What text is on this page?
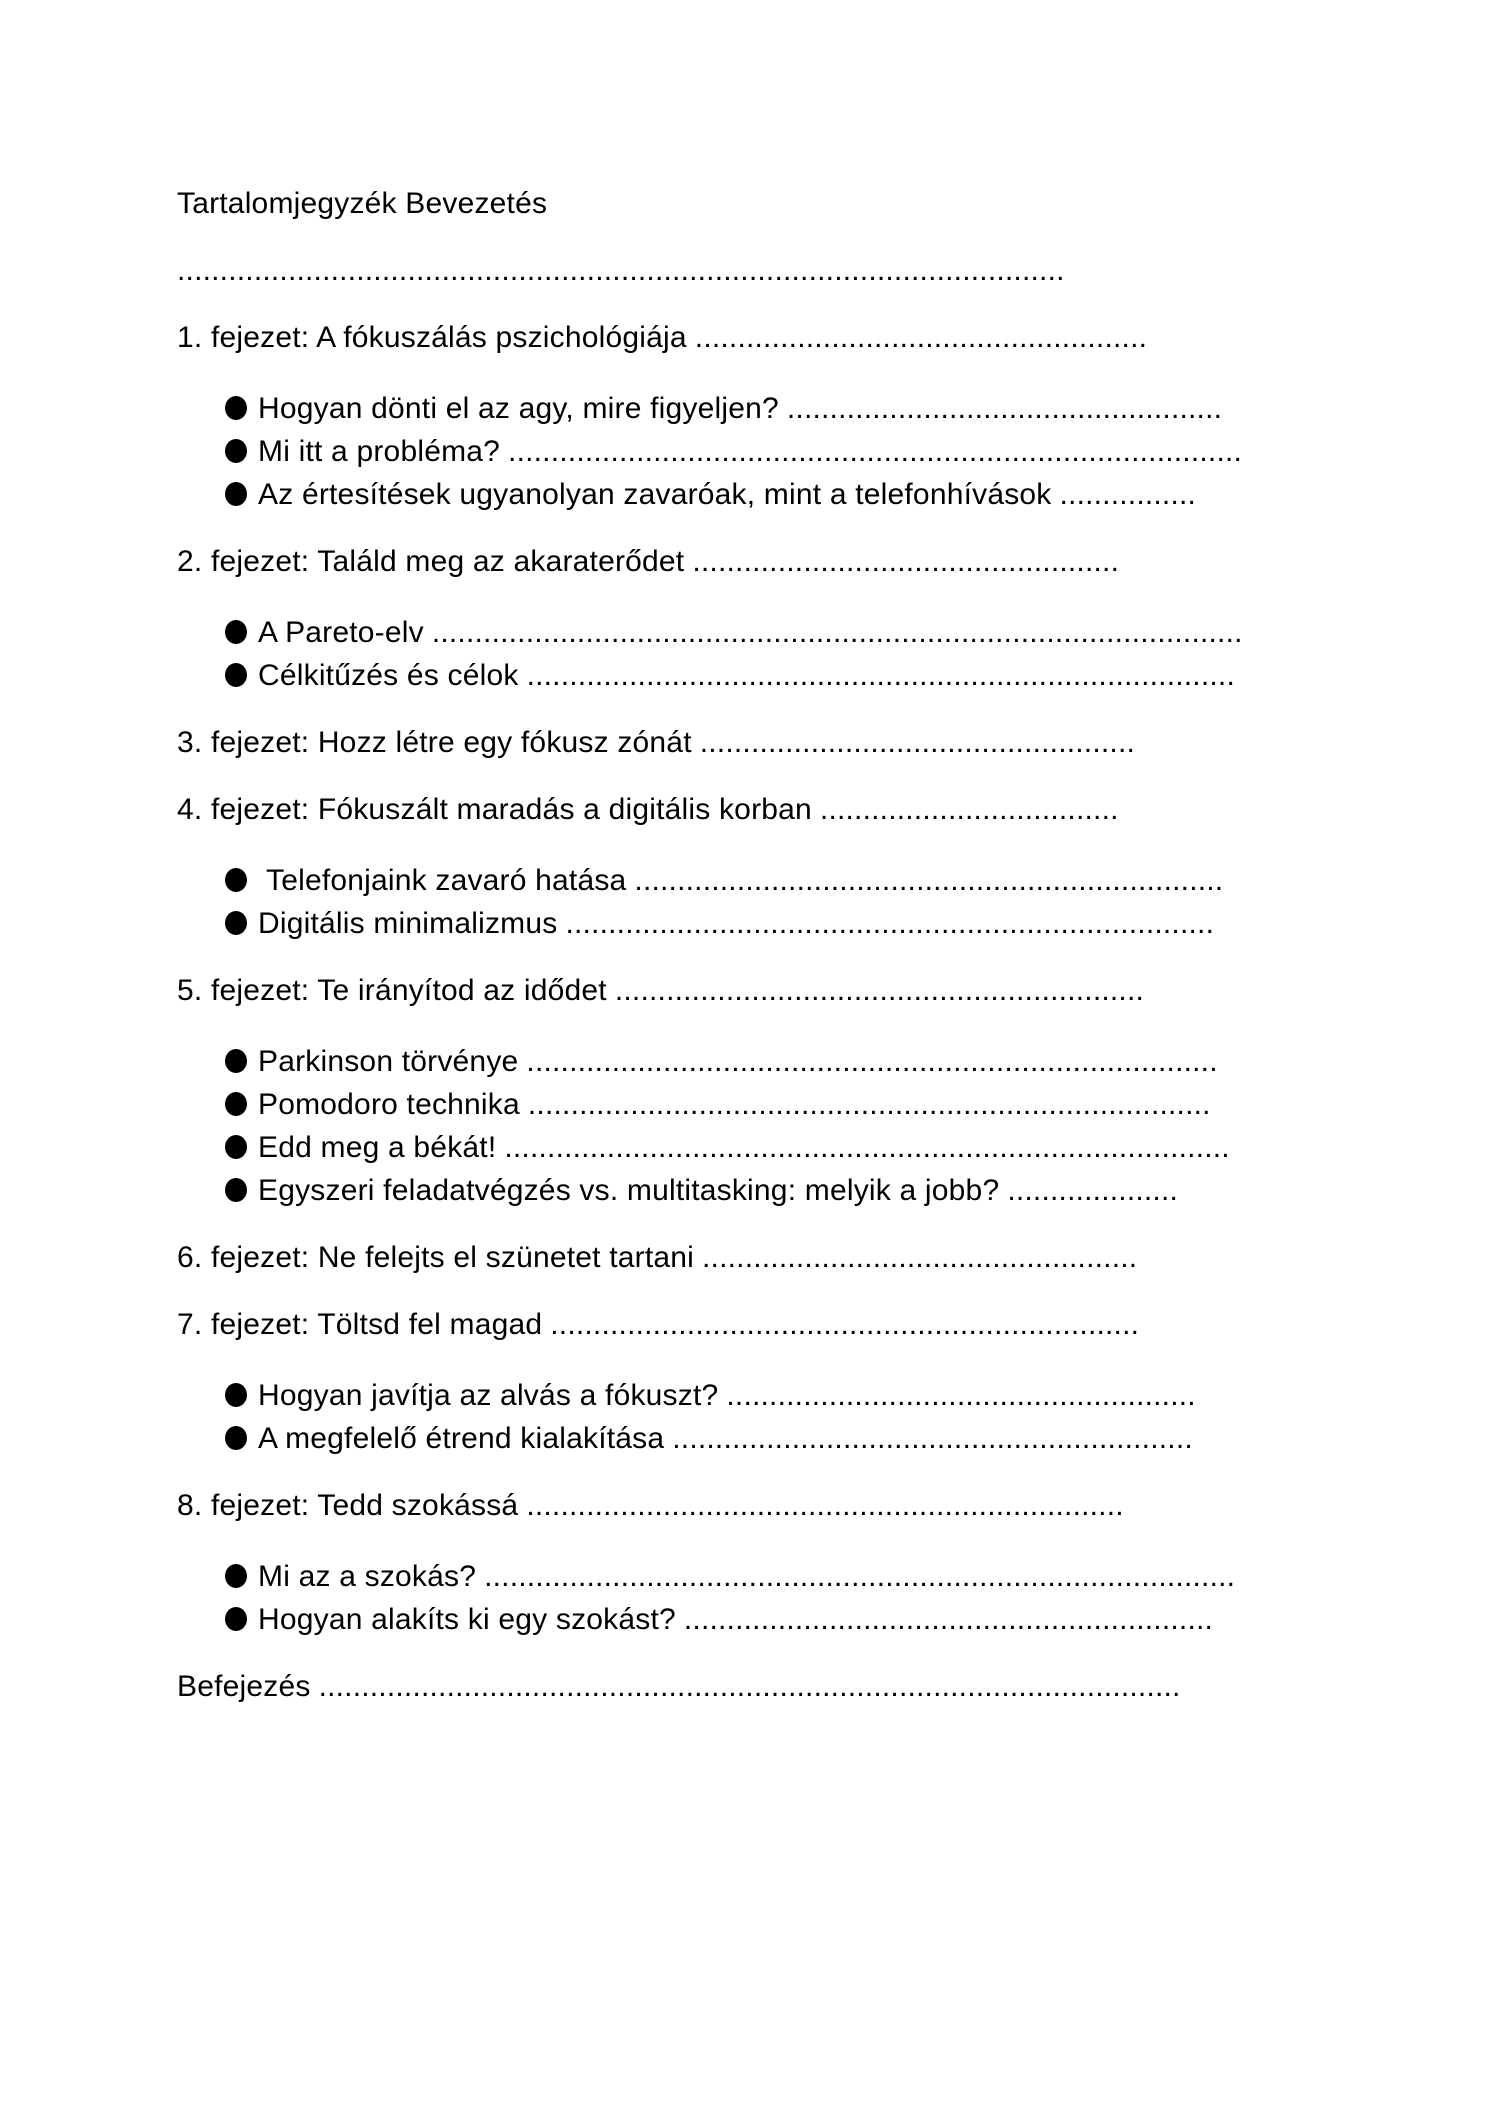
Tartalomjegyzék Bevezetés
........................................................................................................
1. fejezet: A fókuszálás pszichológiája .....................................................
Hogyan dönti el az agy, mire figyeljen? ...................................................
Mi itt a probléma? ......................................................................................
Az értesítések ugyanolyan zavaróak, mint a telefonhívások ................
2. fejezet: Találd meg az akaraterődet ..................................................
A Pareto-elv ...............................................................................................
Célkitűzés és célok ...................................................................................
3. fejezet: Hozz létre egy fókusz zónát ...................................................
4. fejezet: Fókuszált maradás a digitális korban ...................................
Telefonjaink zavaró hatása .....................................................................
Digitális minimalizmus ............................................................................
5. fejezet: Te irányítod az idődet ..............................................................
Parkinson törvénye .................................................................................
Pomodoro technika ................................................................................
Edd meg a békát! .....................................................................................
Egyszeri feladatvégzés vs. multitasking: melyik a jobb? ....................
6. fejezet: Ne felejts el szünetet tartani ...................................................
7. fejezet: Töltsd fel magad .....................................................................
Hogyan javítja az alvás a fókuszt? .......................................................
A megfelelő étrend kialakítása .............................................................
8. fejezet: Tedd szokássá ......................................................................
Mi az a szokás? ........................................................................................
Hogyan alakíts ki egy szokást? ..............................................................
Befejezés .....................................................................................................
